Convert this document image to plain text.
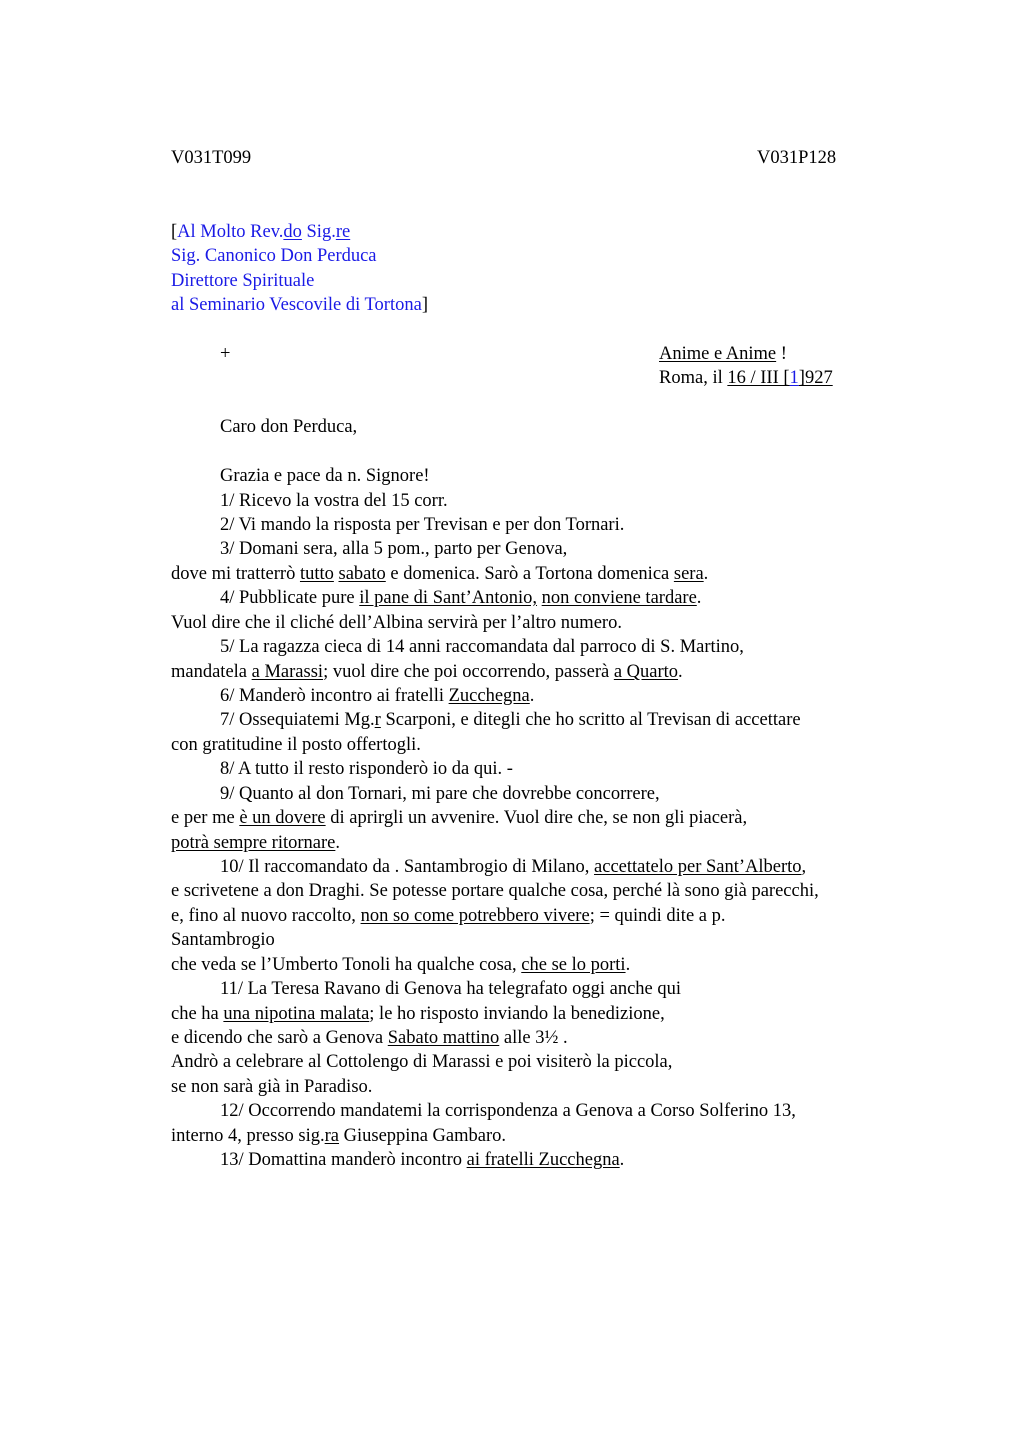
V031T099	V031P128
[Al Molto Rev.do Sig.re
Sig. Canonico Don Perduca
Direttore Spirituale
al Seminario Vescovile di Tortona]
+	Anime e Anime !
Roma, il 16 / III [1]927
Caro don Perduca,
Grazia e pace da n. Signore!
1/ Ricevo la vostra del 15 corr.
2/ Vi mando la risposta per Trevisan e per don Tornari.
3/ Domani sera, alla 5 pom., parto per Genova,
dove mi tratterrò tutto sabato e domenica. Sarò a Tortona domenica sera.
4/ Pubblicate pure il pane di Sant’Antonio, non conviene tardare.
Vuol dire che il cliché dell’Albina servirà per l’altro numero.
5/ La ragazza cieca di 14 anni raccomandata dal parroco di S. Martino,
mandatela a Marassi; vuol dire che poi occorrendo, passerà a Quarto.
6/ Manderò incontro ai fratelli Zucchegna.
7/ Ossequiatemi Mg.r Scarponi, e ditegli che ho scritto al Trevisan di accettare
con gratitudine il posto offertogli.
8/ A tutto il resto risponderò io da qui. -
9/ Quanto al don Tornari, mi pare che dovrebbe concorrere,
e per me è un dovere di aprirgli un avvenire. Vuol dire che, se non gli piacerà,
potrà sempre ritornare.
10/ Il raccomandato da . Santambrogio di Milano, accettatelo per Sant’Alberto,
e scrivetene a don Draghi. Se potesse portare qualche cosa, perché là sono già parecchi,
e, fino al nuovo raccolto, non so come potrebbero vivere; = quindi dite a p.
Santambrogio
che veda se l’Umberto Tonoli ha qualche cosa, che se lo porti.
11/ La Teresa Ravano di Genova ha telegrafato oggi anche qui
che ha una nipotina malata; le ho risposto inviando la benedizione,
e dicendo che sarò a Genova Sabato mattino alle 3½ .
Andrò a celebrare al Cottolengo di Marassi e poi visiterò la piccola,
se non sarà già in Paradiso.
12/ Occorrendo mandatemi la corrispondenza a Genova a Corso Solferino 13,
interno 4, presso sig.ra Giuseppina Gambaro.
13/ Domattina manderò incontro ai fratelli Zucchegna.
